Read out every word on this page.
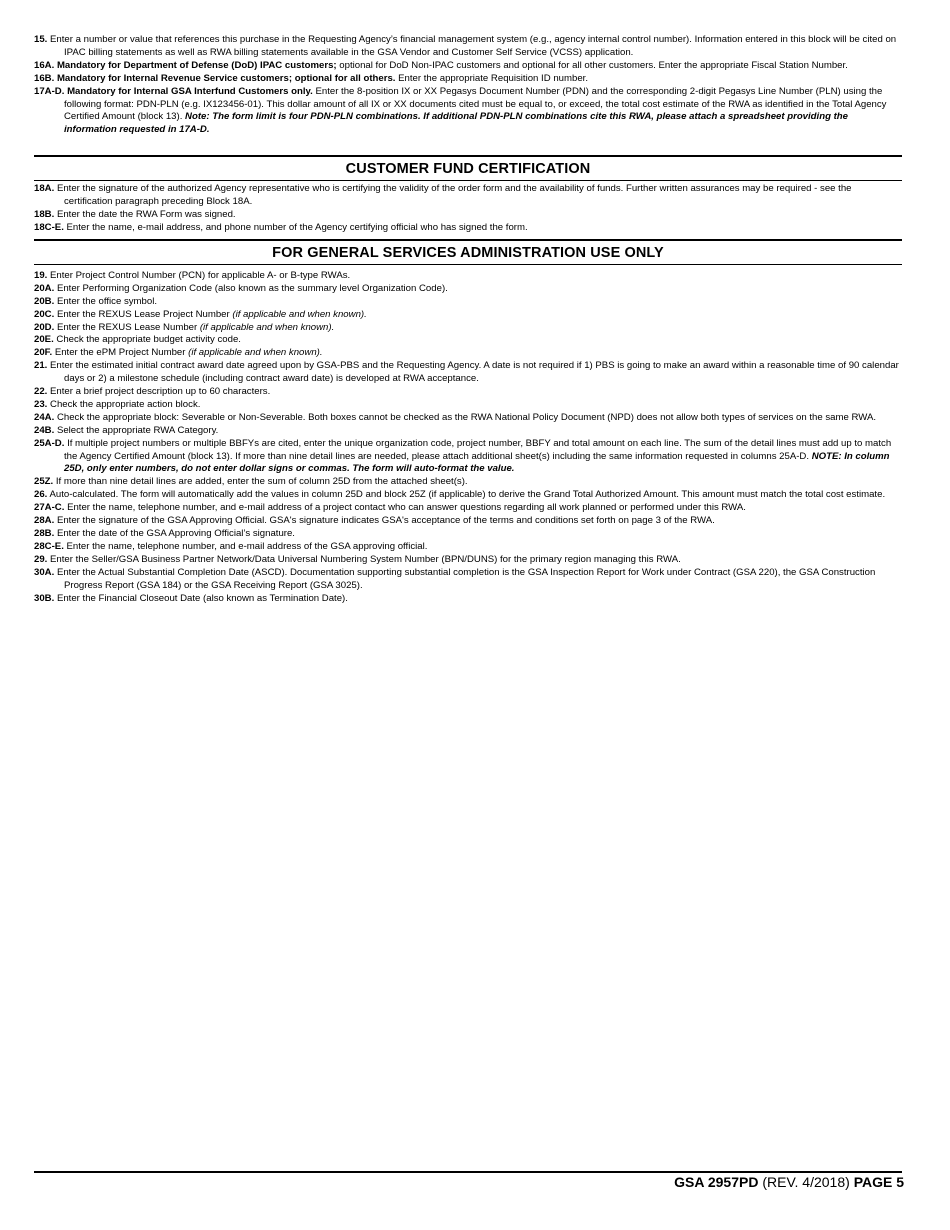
15. Enter a number or value that references this purchase in the Requesting Agency’s financial management system (e.g., agency internal control number). Information entered in this block will be cited on IPAC billing statements as well as RWA billing statements available in the GSA Vendor and Customer Self Service (VCSS) application.
16A. Mandatory for Department of Defense (DoD) IPAC customers; optional for DoD Non-IPAC customers and optional for all other customers. Enter the appropriate Fiscal Station Number.
16B. Mandatory for Internal Revenue Service customers; optional for all others. Enter the appropriate Requisition ID number.
17A-D. Mandatory for Internal GSA Interfund Customers only. Enter the 8-position IX or XX Pegasys Document Number (PDN) and the corresponding 2-digit Pegasys Line Number (PLN) using the following format: PDN-PLN (e.g. IX123456-01). This dollar amount of all IX or XX documents cited must be equal to, or exceed, the total cost estimate of the RWA as identified in the Total Agency Certified Amount (block 13). Note: The form limit is four PDN-PLN combinations. If additional PDN-PLN combinations cite this RWA, please attach a spreadsheet providing the information requested in 17A-D.
CUSTOMER FUND CERTIFICATION
18A. Enter the signature of the authorized Agency representative who is certifying the validity of the order form and the availability of funds. Further written assurances may be required - see the certification paragraph preceding Block 18A.
18B. Enter the date the RWA Form was signed.
18C-E. Enter the name, e-mail address, and phone number of the Agency certifying official who has signed the form.
FOR GENERAL SERVICES ADMINISTRATION USE ONLY
19. Enter Project Control Number (PCN) for applicable A- or B-type RWAs.
20A. Enter Performing Organization Code (also known as the summary level Organization Code).
20B. Enter the office symbol.
20C. Enter the REXUS Lease Project Number (if applicable and when known).
20D. Enter the REXUS Lease Number (if applicable and when known).
20E. Check the appropriate budget activity code.
20F. Enter the ePM Project Number (if applicable and when known).
21. Enter the estimated initial contract award date agreed upon by GSA-PBS and the Requesting Agency. A date is not required if 1) PBS is going to make an award within a reasonable time of 90 calendar days or 2) a milestone schedule (including contract award date) is developed at RWA acceptance.
22. Enter a brief project description up to 60 characters.
23. Check the appropriate action block.
24A. Check the appropriate block: Severable or Non-Severable. Both boxes cannot be checked as the RWA National Policy Document (NPD) does not allow both types of services on the same RWA.
24B. Select the appropriate RWA Category.
25A-D. If multiple project numbers or multiple BBFYs are cited, enter the unique organization code, project number, BBFY and total amount on each line. The sum of the detail lines must add up to match the Agency Certified Amount (block 13). If more than nine detail lines are needed, please attach additional sheet(s) including the same information requested in columns 25A-D. NOTE: In column 25D, only enter numbers, do not enter dollar signs or commas. The form will auto-format the value.
25Z. If more than nine detail lines are added, enter the sum of column 25D from the attached sheet(s).
26. Auto-calculated. The form will automatically add the values in column 25D and block 25Z (if applicable) to derive the Grand Total Authorized Amount. This amount must match the total cost estimate.
27A-C. Enter the name, telephone number, and e-mail address of a project contact who can answer questions regarding all work planned or performed under this RWA.
28A. Enter the signature of the GSA Approving Official. GSA's signature indicates GSA's acceptance of the terms and conditions set forth on page 3 of the RWA.
28B. Enter the date of the GSA Approving Official’s signature.
28C-E. Enter the name, telephone number, and e-mail address of the GSA approving official.
29. Enter the Seller/GSA Business Partner Network/Data Universal Numbering System Number (BPN/DUNS) for the primary region managing this RWA.
30A. Enter the Actual Substantial Completion Date (ASCD). Documentation supporting substantial completion is the GSA Inspection Report for Work under Contract (GSA 220), the GSA Construction Progress Report (GSA 184) or the GSA Receiving Report (GSA 3025).
30B. Enter the Financial Closeout Date (also known as Termination Date).
GSA 2957PD (REV. 4/2018) PAGE 5
